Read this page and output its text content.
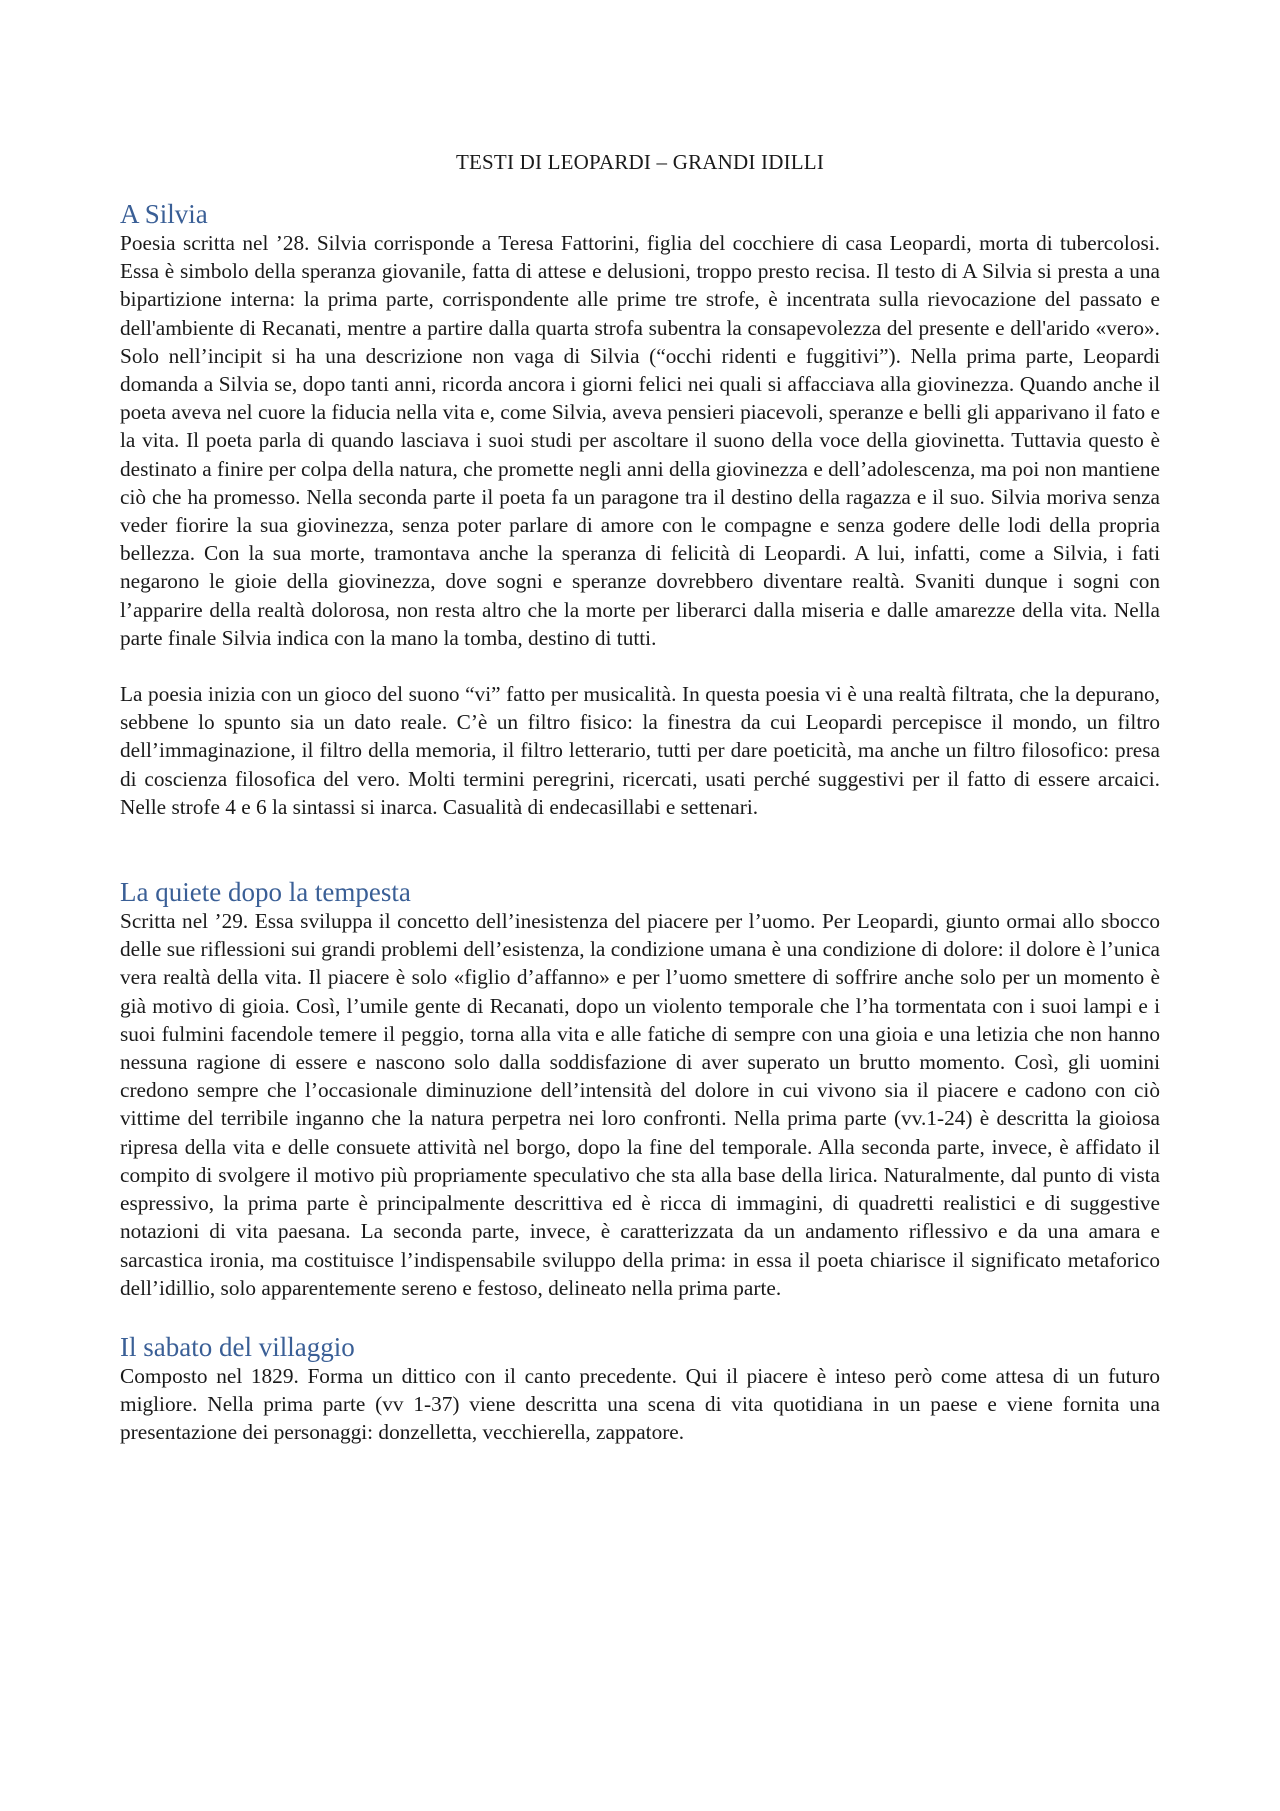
TESTI DI LEOPARDI – GRANDI IDILLI
A Silvia

Poesia scritta nel ’28. Silvia corrisponde a Teresa Fattorini, figlia del cocchiere di casa Leopardi, morta di tubercolosi. Essa è simbolo della speranza giovanile, fatta di attese e delusioni, troppo presto recisa. Il testo di A Silvia si presta a una bipartizione interna: la prima parte, corrispondente alle prime tre strofe, è incentrata sulla rievocazione del passato e dell'ambiente di Recanati, mentre a partire dalla quarta strofa subentra la consapevolezza del presente e dell'arido «vero». Solo nell’incipit si ha una descrizione non vaga di Silvia (“occhi ridenti e fuggitivi”). Nella prima parte, Leopardi domanda a Silvia se, dopo tanti anni, ricorda ancora i giorni felici nei quali si affacciava alla giovinezza. Quando anche il poeta aveva nel cuore la fiducia nella vita e, come Silvia, aveva pensieri piacevoli, speranze e belli gli apparivano il fato e la vita. Il poeta parla di quando lasciava i suoi studi per ascoltare il suono della voce della giovinetta. Tuttavia questo è destinato a finire per colpa della natura, che promette negli anni della giovinezza e dell’adolescenza, ma poi non mantiene ciò che ha promesso. Nella seconda parte il poeta fa un paragone tra il destino della ragazza e il suo. Silvia moriva senza veder fiorire la sua giovinezza, senza poter parlare di amore con le compagne e senza godere delle lodi della propria bellezza. Con la sua morte, tramontava anche la speranza di felicità di Leopardi. A lui, infatti, come a Silvia, i fati negarono le gioie della giovinezza, dove sogni e speranze dovrebbero diventare realtà. Svaniti dunque i sogni con l’apparire della realtà dolorosa, non resta altro che la morte per liberarci dalla miseria e dalle amarezze della vita. Nella parte finale Silvia indica con la mano la tomba, destino di tutti.

La poesia inizia con un gioco del suono “vi” fatto per musicalità. In questa poesia vi è una realtà filtrata, che la depurano, sebbene lo spunto sia un dato reale. C’è un filtro fisico: la finestra da cui Leopardi percepisce il mondo, un filtro dell’immaginazione, il filtro della memoria, il filtro letterario, tutti per dare poeticità, ma anche un filtro filosofico: presa di coscienza filosofica del vero. Molti termini peregrini, ricercati, usati perché suggestivi per il fatto di essere arcaici. Nelle strofe 4 e 6 la sintassi si inarca. Casualità di endecasillabi e settenari.

La quiete dopo la tempesta

Scritta nel ’29. Essa sviluppa il concetto dell’inesistenza del piacere per l’uomo. Per Leopardi, giunto ormai allo sbocco delle sue riflessioni sui grandi problemi dell’esistenza, la condizione umana è una condizione di dolore: il dolore è l’unica vera realtà della vita. Il piacere è solo «figlio d’affanno» e per l’uomo smettere di soffrire anche solo per un momento è già motivo di gioia. Così, l’umile gente di Recanati, dopo un violento temporale che l’ha tormentata con i suoi lampi e i suoi fulmini facendole temere il peggio, torna alla vita e alle fatiche di sempre con una gioia e una letizia che non hanno nessuna ragione di essere e nascono solo dalla soddisfazione di aver superato un brutto momento. Così, gli uomini credono sempre che l’occasionale diminuzione dell’intensità del dolore in cui vivono sia il piacere e cadono con ciò vittime del terribile inganno che la natura perpetra nei loro confronti. Nella prima parte (vv.1-24) è descritta la gioiosa ripresa della vita e delle consuete attività nel borgo, dopo la fine del temporale. Alla seconda parte, invece, è affidato il compito di svolgere il motivo più propriamente speculativo che sta alla base della lirica. Naturalmente, dal punto di vista espressivo, la prima parte è principalmente descrittiva ed è ricca di immagini, di quadretti realistici e di suggestive notazioni di vita paesana. La seconda parte, invece, è caratterizzata da un andamento riflessivo e da una amara e sarcastica ironia, ma costituisce l’indispensabile sviluppo della prima: in essa il poeta chiarisce il significato metaforico dell’idillio, solo apparentemente sereno e festoso, delineato nella prima parte.

Il sabato del villaggio

Composto nel 1829. Forma un dittico con il canto precedente. Qui il piacere è inteso però come attesa di un futuro migliore. Nella prima parte (vv 1-37) viene descritta una scena di vita quotidiana in un paese e viene fornita una presentazione dei personaggi: donzelletta, vecchierella, zappatore.
